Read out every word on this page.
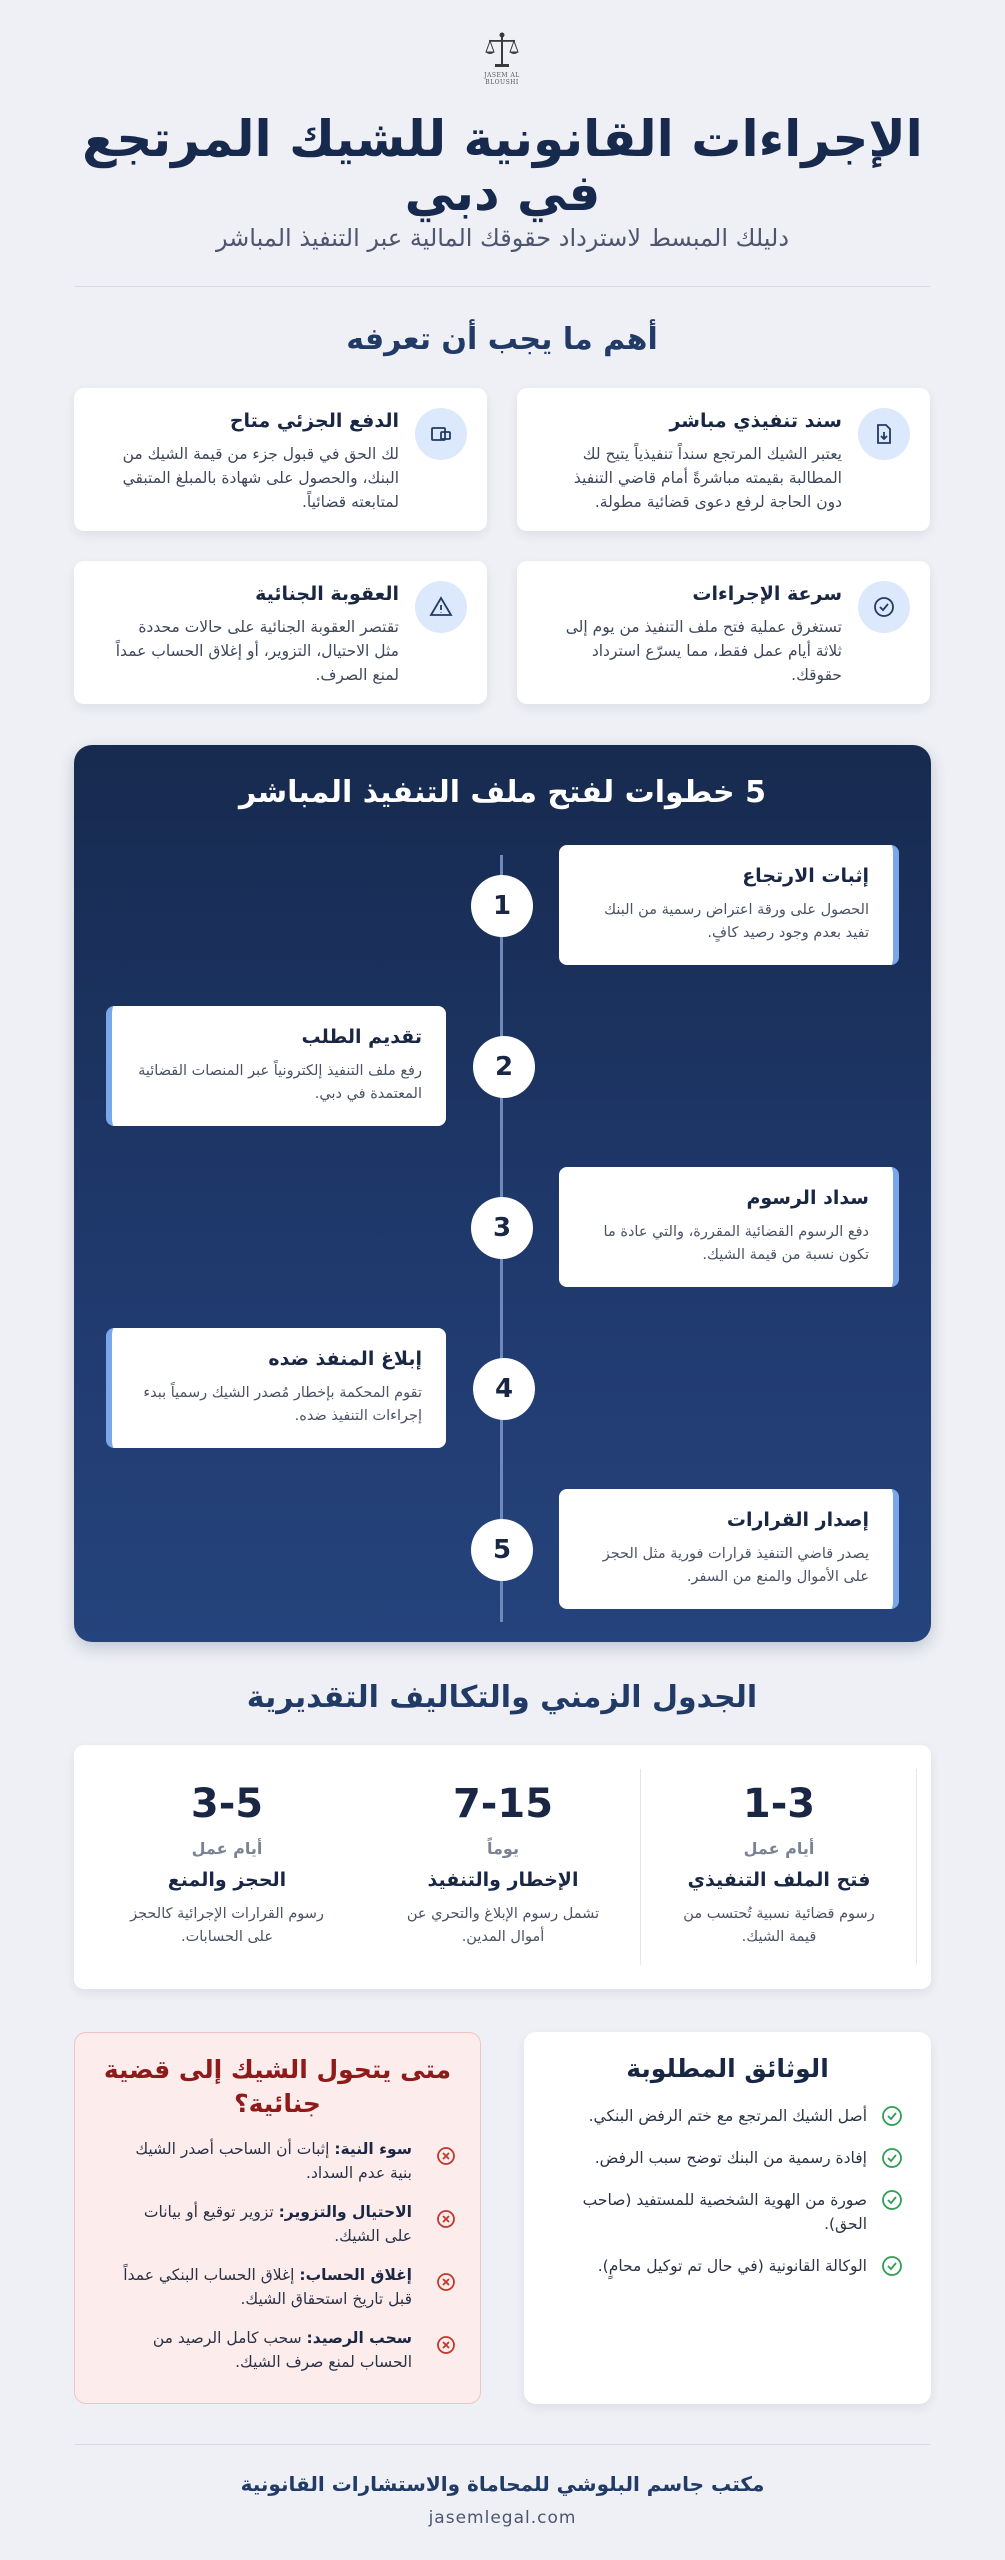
JASEM AL BLOUSHI
الإجراءات القانونية للشيك المرتجع في دبي
دليلك المبسط لاسترداد حقوقك المالية عبر التنفيذ المباشر
أهم ما يجب أن تعرفه
سند تنفيذي مباشر
يعتبر الشيك المرتجع سنداً تنفيذياً يتيح لك المطالبة بقيمته مباشرةً أمام قاضي التنفيذ دون الحاجة لرفع دعوى قضائية مطولة.
الدفع الجزئي متاح
لك الحق في قبول جزء من قيمة الشيك من البنك، والحصول على شهادة بالمبلغ المتبقي لمتابعته قضائياً.
سرعة الإجراءات
تستغرق عملية فتح ملف التنفيذ من يوم إلى ثلاثة أيام عمل فقط، مما يسرّع استرداد حقوقك.
العقوبة الجنائية
تقتصر العقوبة الجنائية على حالات محددة مثل الاحتيال، التزوير، أو إغلاق الحساب عمداً لمنع الصرف.
5 خطوات لفتح ملف التنفيذ المباشر
1
إثبات الارتجاع
الحصول على ورقة اعتراض رسمية من البنك تفيد بعدم وجود رصيد كافٍ.
2
تقديم الطلب
رفع ملف التنفيذ إلكترونياً عبر المنصات القضائية المعتمدة في دبي.
3
سداد الرسوم
دفع الرسوم القضائية المقررة، والتي عادة ما تكون نسبة من قيمة الشيك.
4
إبلاغ المنفذ ضده
تقوم المحكمة بإخطار مُصدر الشيك رسمياً ببدء إجراءات التنفيذ ضده.
5
إصدار القرارات
يصدر قاضي التنفيذ قرارات فورية مثل الحجز على الأموال والمنع من السفر.
الجدول الزمني والتكاليف التقديرية
1-3
أيام عمل
فتح الملف التنفيذي
رسوم قضائية نسبية تُحتسب من قيمة الشيك.
7-15
يوماً
الإخطار والتنفيذ
تشمل رسوم الإبلاغ والتحري عن أموال المدين.
3-5
أيام عمل
الحجز والمنع
رسوم القرارات الإجرائية كالحجز على الحسابات.
الوثائق المطلوبة
أصل الشيك المرتجع مع ختم الرفض البنكي.
إفادة رسمية من البنك توضح سبب الرفض.
صورة من الهوية الشخصية للمستفيد (صاحب الحق).
الوكالة القانونية (في حال تم توكيل محامٍ).
متى يتحول الشيك إلى قضية جنائية؟
سوء النية: إثبات أن الساحب أصدر الشيك بنية عدم السداد.
الاحتيال والتزوير: تزوير توقيع أو بيانات على الشيك.
إغلاق الحساب: إغلاق الحساب البنكي عمداً قبل تاريخ استحقاق الشيك.
سحب الرصيد: سحب كامل الرصيد من الحساب لمنع صرف الشيك.
مكتب جاسم البلوشي للمحاماة والاستشارات القانونية
jasemlegal.com
